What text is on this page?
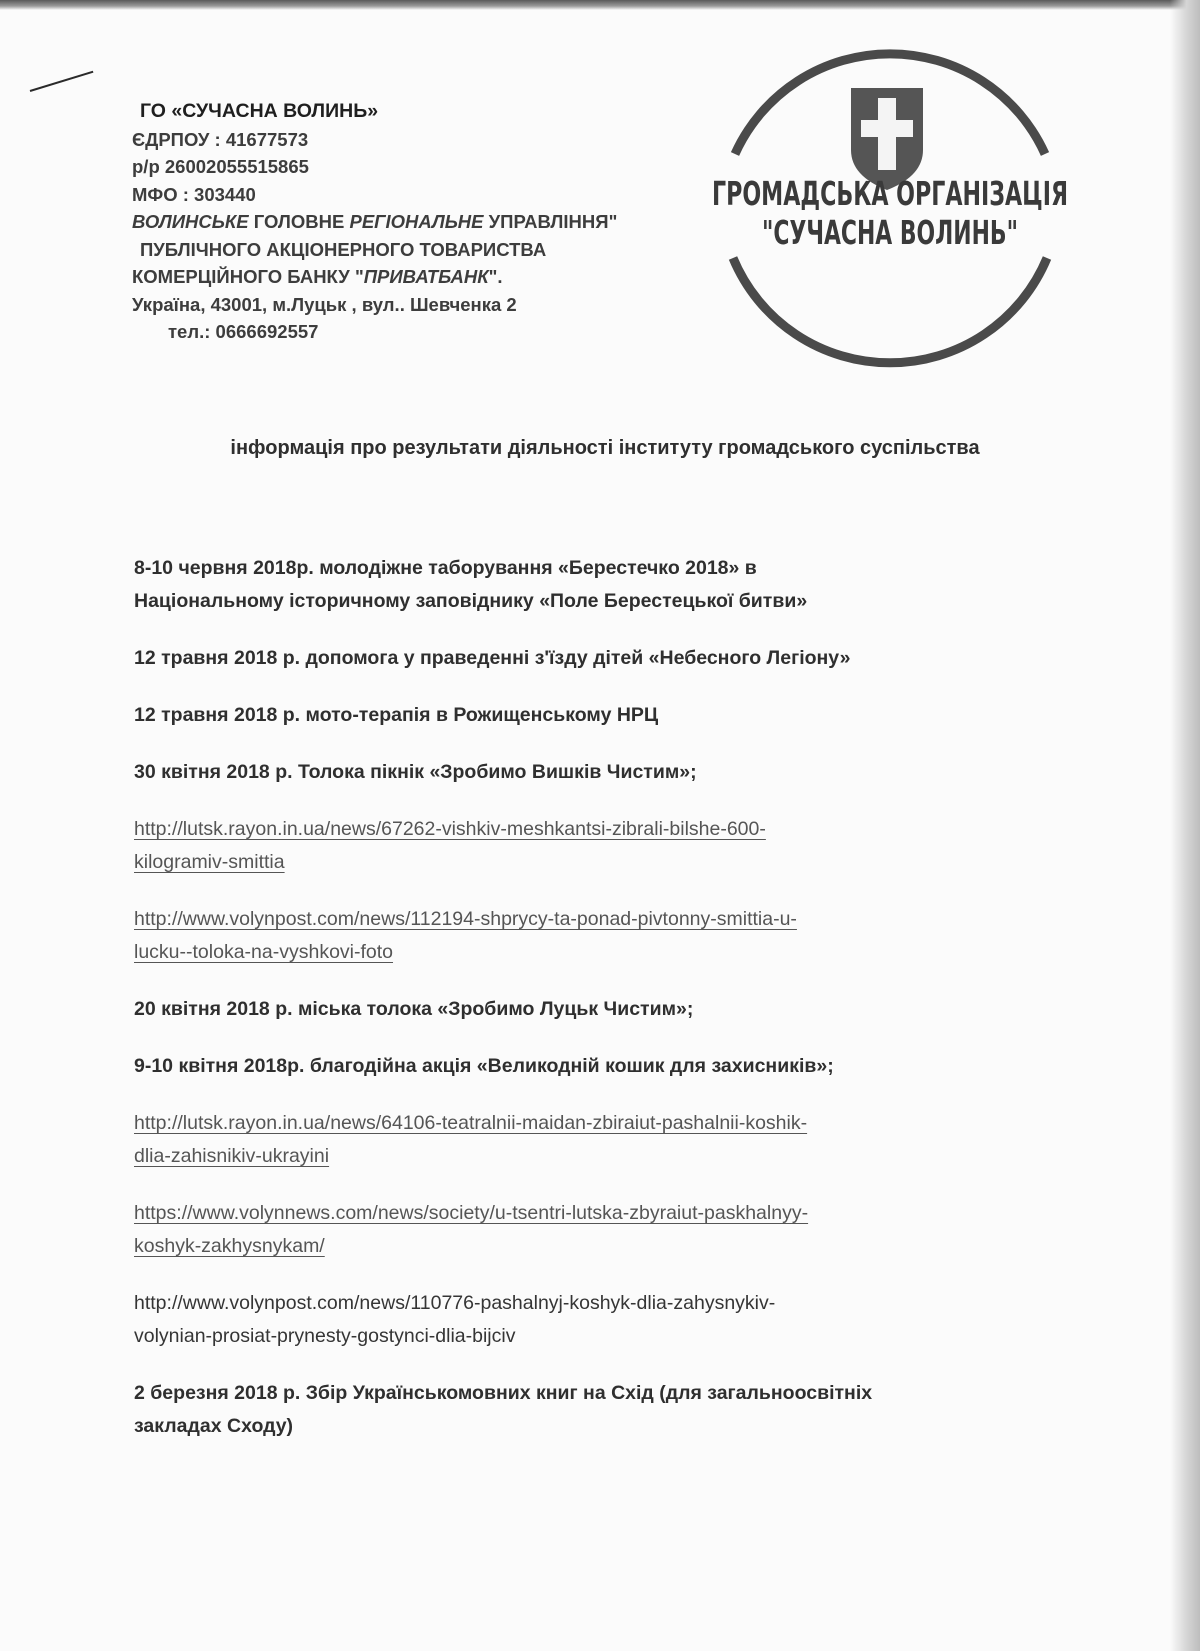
ГО «СУЧАСНА ВОЛИНЬ»
ЄДРПОУ : 41677573
р/р 26002055515865
МФО : 303440
ВОЛИНСЬКЕ ГОЛОВНЕ РЕГІОНАЛЬНЕ УПРАВЛІННЯ"
ПУБЛІЧНОГО АКЦІОНЕРНОГО ТОВАРИСТВА
КОМЕРЦІЙНОГО БАНКУ "ПРИВАТБАНК".
Україна, 43001, м.Луцьк , вул.. Шевченка 2
тел.: 0666692557
ГРОМАДСЬКА ОРГАНІЗАЦІЯ
"СУЧАСНА ВОЛИНЬ"
інформація про результати діяльності інституту громадського суспільства
8-10 червня 2018р. молодіжне таборування «Берестечко 2018» в
Національному історичному заповіднику «Поле Берестецької битви»
12 травня 2018 р. допомога у праведенні з'їзду дітей «Небесного Легіону»
12 травня 2018 р. мото-терапія в Рожищенському НРЦ
30 квітня 2018 р. Толока пікнік «Зробимо Вишків Чистим»;
http://lutsk.rayon.in.ua/news/67262-vishkiv-meshkantsi-zibrali-bilshe-600-
kilogramiv-smittia
http://www.volynpost.com/news/112194-shprycy-ta-ponad-pivtonny-smittia-u-
lucku--toloka-na-vyshkovi-foto
20 квітня 2018 р. міська толока «Зробимо Луцьк Чистим»;
9-10 квітня 2018р. благодійна акція «Великодній кошик для захисників»;
http://lutsk.rayon.in.ua/news/64106-teatralnii-maidan-zbiraiut-pashalnii-koshik-
dlia-zahisnikiv-ukrayini
https://www.volynnews.com/news/society/u-tsentri-lutska-zbyraiut-paskhalnyy-
koshyk-zakhysnykam/
http://www.volynpost.com/news/110776-pashalnyj-koshyk-dlia-zahysnykiv-
volynian-prosiat-prynesty-gostynci-dlia-bijciv
2 березня 2018 р. Збір Українськомовних книг на Схід (для загальноосвітніх
закладах Сходу)
